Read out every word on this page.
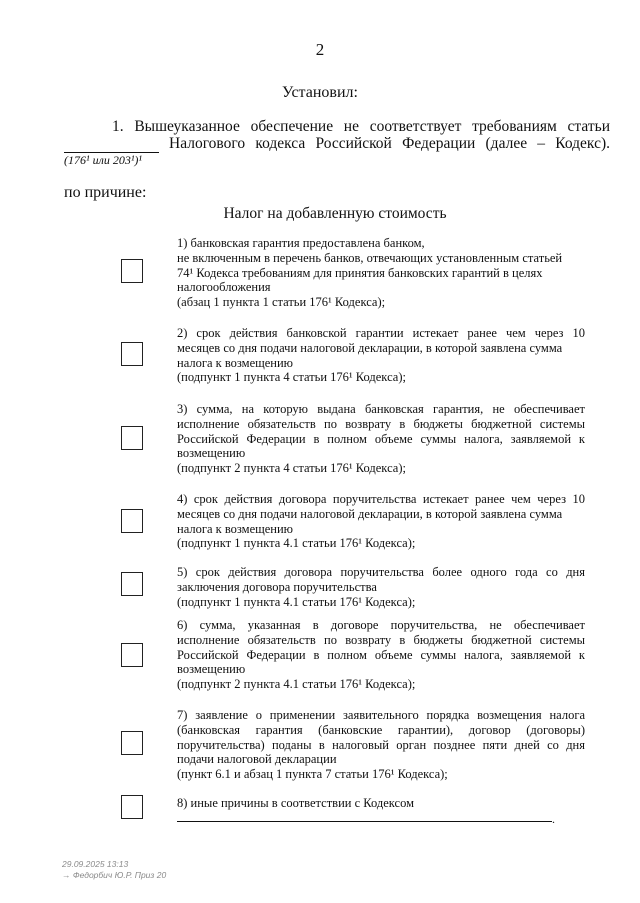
2
Установил:
1. Вышеуказанное обеспечение не соответствует требованиям статьи
Налогового кодекса Российской Федерации (далее – Кодекс).
(176¹ или 203¹)¹
по причине:
Налог на добавленную стоимость
1) банковская гарантия предоставлена банком,
не включенным в перечень банков, отвечающих установленным статьей
74¹ Кодекса требованиям для принятия банковских гарантий в целях
налогообложения
(абзац 1 пункта 1 статьи 176¹ Кодекса);
2) срок действия банковской гарантии истекает ранее чем через 10
месяцев со дня подачи налоговой декларации, в которой заявлена сумма
налога к возмещению
(подпункт 1 пункта 4 статьи 176¹ Кодекса);
3) сумма, на которую выдана банковская гарантия, не обеспечивает
исполнение обязательств по возврату в бюджеты бюджетной системы
Российской Федерации в полном объеме суммы налога, заявляемой к
возмещению
(подпункт 2 пункта 4 статьи 176¹ Кодекса);
4) срок действия договора поручительства истекает ранее чем через 10
месяцев со дня подачи налоговой декларации, в которой заявлена сумма
налога к возмещению
(подпункт 1 пункта 4.1 статьи 176¹ Кодекса);
5) срок действия договора поручительства более одного года со дня
заключения договора поручительства
(подпункт 1 пункта 4.1 статьи 176¹ Кодекса);
6) сумма, указанная в договоре поручительства, не обеспечивает
исполнение обязательств по возврату в бюджеты бюджетной системы
Российской Федерации в полном объеме суммы налога, заявляемой к
возмещению
(подпункт 2 пункта 4.1 статьи 176¹ Кодекса);
7) заявление о применении заявительного порядка возмещения налога
(банковская гарантия (банковские гарантии), договор (договоры)
поручительства) поданы в налоговый орган позднее пяти дней со дня
подачи налоговой декларации
(пункт 6.1 и абзац 1 пункта 7 статьи 176¹ Кодекса);
8) иные причины в соответствии с Кодексом
.
29.09.2025 13:13
→ Федорбич Ю.Р. Приз 20
